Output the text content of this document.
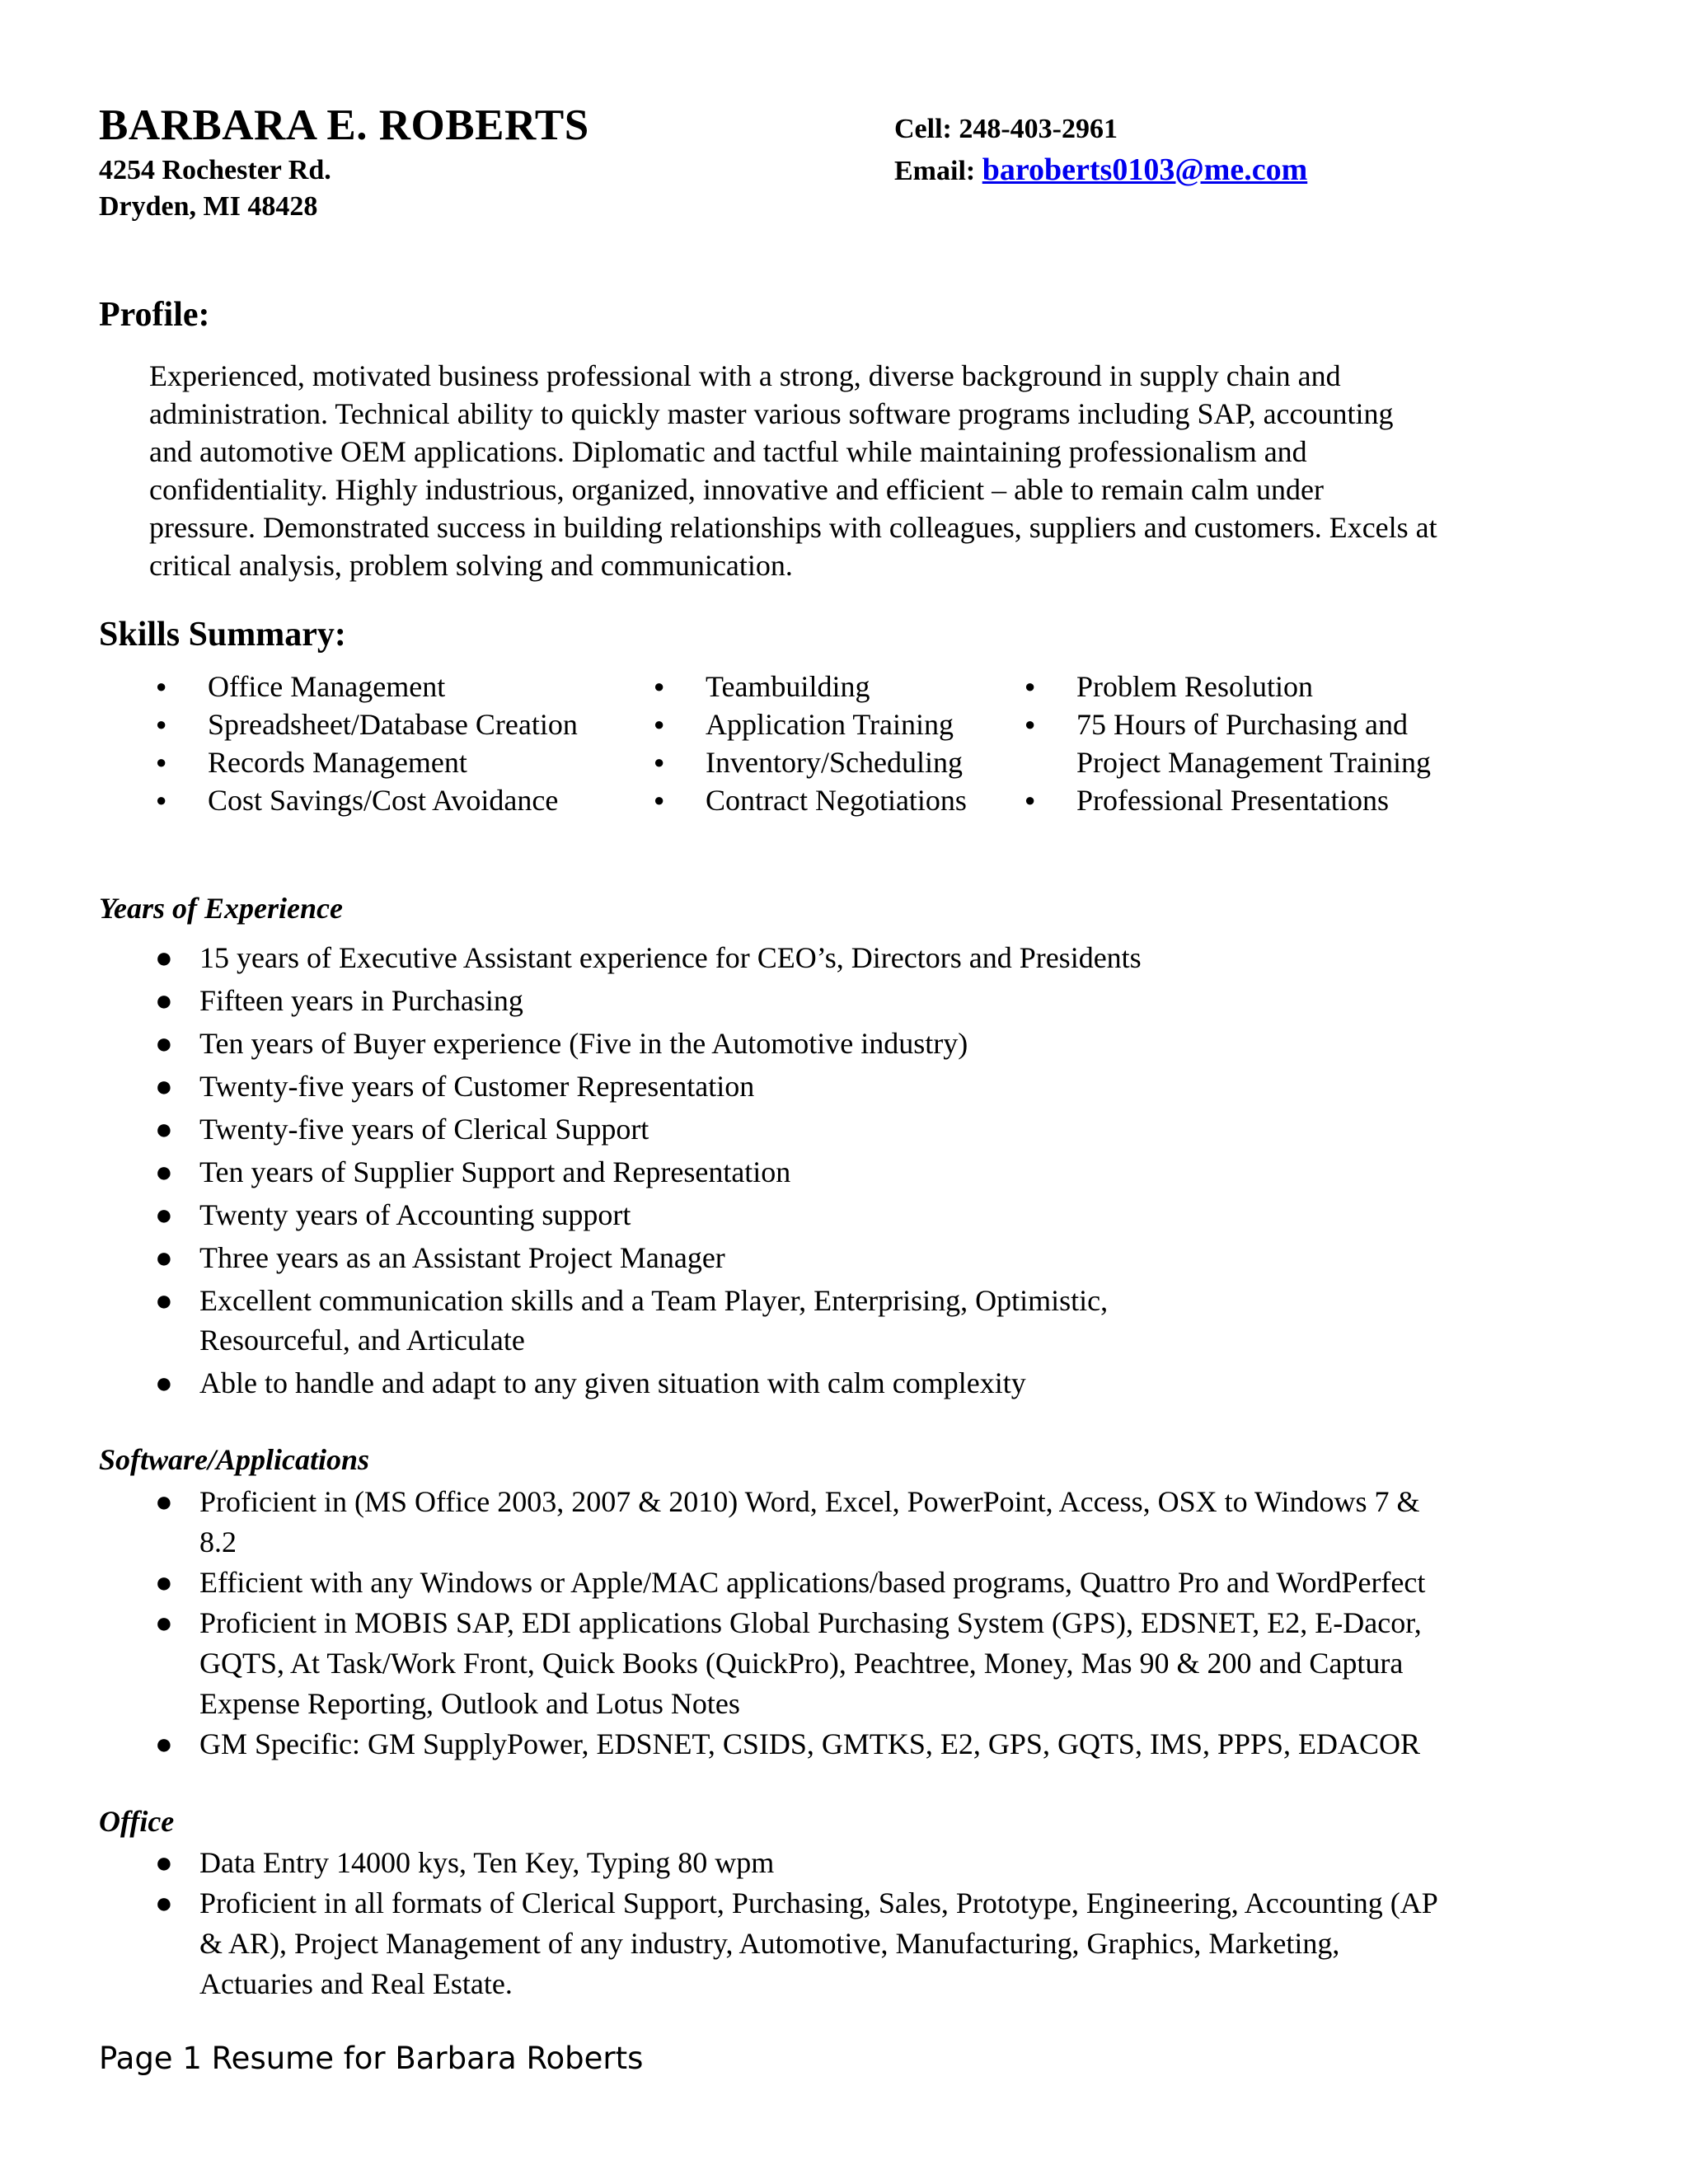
BARBARA E. ROBERTS
4254 Rochester Rd.
Dryden, MI 48428
Cell: 248-403-2961
Email: baroberts0103@me.com
Profile:
Experienced, motivated business professional with a strong, diverse background in supply chain and
administration. Technical ability to quickly master various software programs including SAP, accounting
and automotive OEM applications. Diplomatic and tactful while maintaining professionalism and
confidentiality. Highly industrious, organized, innovative and efficient – able to remain calm under
pressure. Demonstrated success in building relationships with colleagues, suppliers and customers. Excels at
critical analysis, problem solving and communication.
Skills Summary:
● Office Management
● Spreadsheet/Database Creation
● Records Management
● Cost Savings/Cost Avoidance
● Teambuilding
● Application Training
● Inventory/Scheduling
● Contract Negotiations
● Problem Resolution
● 75 Hours of Purchasing and
Project Management Training
● Professional Presentations
Years of Experience
● 15 years of Executive Assistant experience for CEO’s, Directors and Presidents
● Fifteen years in Purchasing
● Ten years of Buyer experience (Five in the Automotive industry)
● Twenty-five years of Customer Representation
● Twenty-five years of Clerical Support
● Ten years of Supplier Support and Representation
● Twenty years of Accounting support
● Three years as an Assistant Project Manager
● Excellent communication skills and a Team Player, Enterprising, Optimistic,
Resourceful, and Articulate
● Able to handle and adapt to any given situation with calm complexity
Software/Applications
● Proficient in (MS Office 2003, 2007 & 2010) Word, Excel, PowerPoint, Access, OSX to Windows 7 &
8.2
● Efficient with any Windows or Apple/MAC applications/based programs, Quattro Pro and WordPerfect
● Proficient in MOBIS SAP, EDI applications Global Purchasing System (GPS), EDSNET, E2, E-Dacor,
GQTS, At Task/Work Front, Quick Books (QuickPro), Peachtree, Money, Mas 90 & 200 and Captura
Expense Reporting, Outlook and Lotus Notes
● GM Specific: GM SupplyPower, EDSNET, CSIDS, GMTKS, E2, GPS, GQTS, IMS, PPPS, EDACOR
Office
● Data Entry 14000 kys, Ten Key, Typing 80 wpm
● Proficient in all formats of Clerical Support, Purchasing, Sales, Prototype, Engineering, Accounting (AP
& AR), Project Management of any industry, Automotive, Manufacturing, Graphics, Marketing,
Actuaries and Real Estate.
Page 1 Resume for Barbara Roberts
